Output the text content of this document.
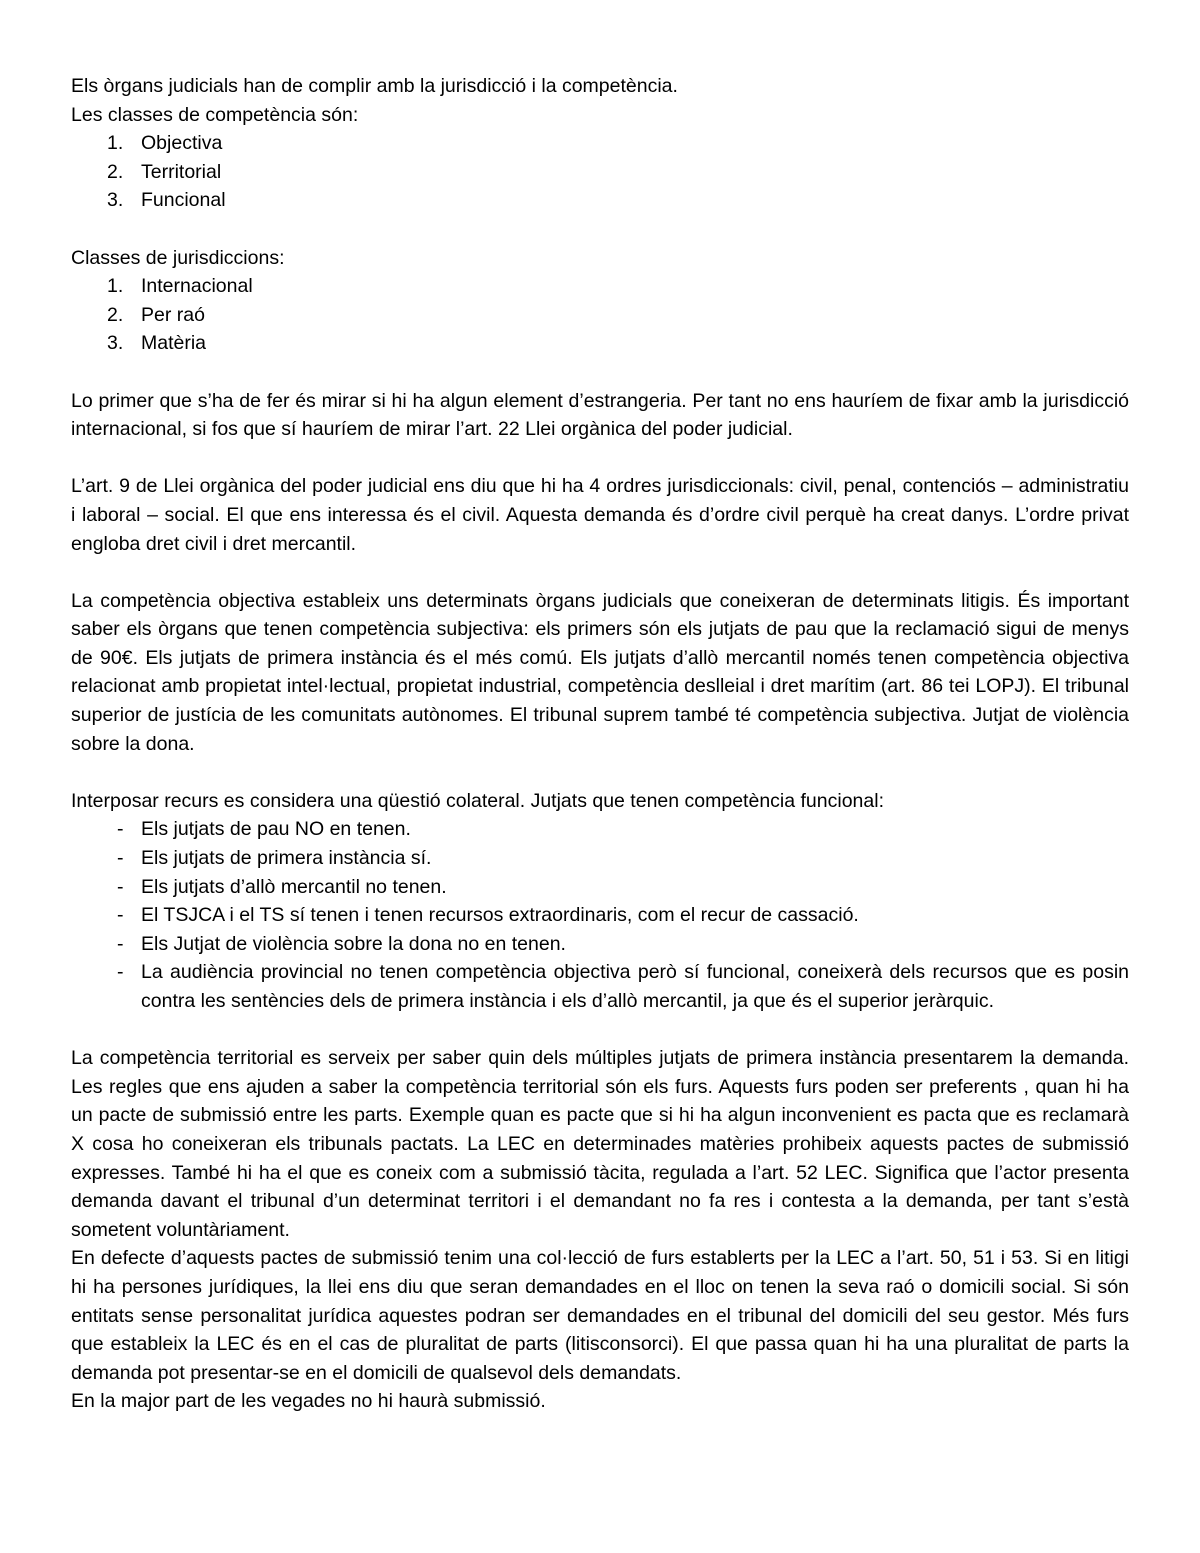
Els òrgans judicials han de complir amb la jurisdicció i la competència.

Les classes de competència són:

1. Objectiva
2. Territorial
3. Funcional

Classes de jurisdiccions:

1. Internacional
2. Per raó
3. Matèria

Lo primer que s’ha de fer és mirar si hi ha algun element d’estrangeria. Per tant no ens hauríem de fixar amb la jurisdicció internacional, si fos que sí hauríem de mirar l’art. 22 Llei orgànica del poder judicial.

L’art. 9 de Llei orgànica del poder judicial ens diu que hi ha 4 ordres jurisdiccionals: civil, penal, contenciós – administratiu i laboral – social. El que ens interessa és el civil. Aquesta demanda és d’ordre civil perquè ha creat danys. L’ordre privat engloba dret civil i dret mercantil.

La competència objectiva estableix uns determinats òrgans judicials que coneixeran de determinats litigis. És important saber els òrgans que tenen competència subjectiva: els primers són els jutjats de pau que la reclamació sigui de menys de 90€. Els jutjats de primera instància és el més comú. Els jutjats d’allò mercantil només tenen competència objectiva relacionat amb propietat intel·lectual, propietat industrial, competència deslleial i dret marítim (art. 86 tei LOPJ). El tribunal superior de justícia de les comunitats autònomes. El tribunal suprem també té competència subjectiva. Jutjat de violència sobre la dona.

Interposar recurs es considera una qüestió colateral. Jutjats que tenen competència funcional:

- Els jutjats de pau NO en tenen.
- Els jutjats de primera instància sí.
- Els jutjats d’allò mercantil no tenen.
- El TSJCA i el TS sí tenen i tenen recursos extraordinaris, com el recur de cassació.
- Els Jutjat de violència sobre la dona no en tenen.
- La audiència provincial no tenen competència objectiva però sí funcional, coneixerà dels recursos que es posin contra les sentències dels de primera instància i els d’allò mercantil, ja que és el superior jeràrquic.

La competència territorial es serveix per saber quin dels múltiples jutjats de primera instància presentarem la demanda. Les regles que ens ajuden a saber la competència territorial són els furs. Aquests furs poden ser preferents , quan hi ha un pacte de submissió entre les parts. Exemple quan es pacte que si hi ha algun inconvenient es pacta que es reclamarà X cosa ho coneixeran els tribunals pactats. La LEC en determinades matèries prohibeix aquests pactes de submissió expresses. També hi ha el que es coneix com a submissió tàcita, regulada a l’art. 52 LEC. Significa que l’actor presenta demanda davant el tribunal d’un determinat territori i el demandant no fa res i contesta a la demanda, per tant s’està sometent voluntàriament.

En defecte d’aquests pactes de submissió tenim una col·lecció de furs establerts per la LEC a l’art. 50, 51 i 53. Si en litigi hi ha persones jurídiques, la llei ens diu que seran demandades en el lloc on tenen la seva raó o domicili social. Si són entitats sense personalitat jurídica aquestes podran ser demandades en el tribunal del domicili del seu gestor. Més furs que estableix la LEC és en el cas de pluralitat de parts (litisconsorci). El que passa quan hi ha una pluralitat de parts la demanda pot presentar-se en el domicili de qualsevol dels demandats.

En la major part de les vegades no hi haurà submissió.
